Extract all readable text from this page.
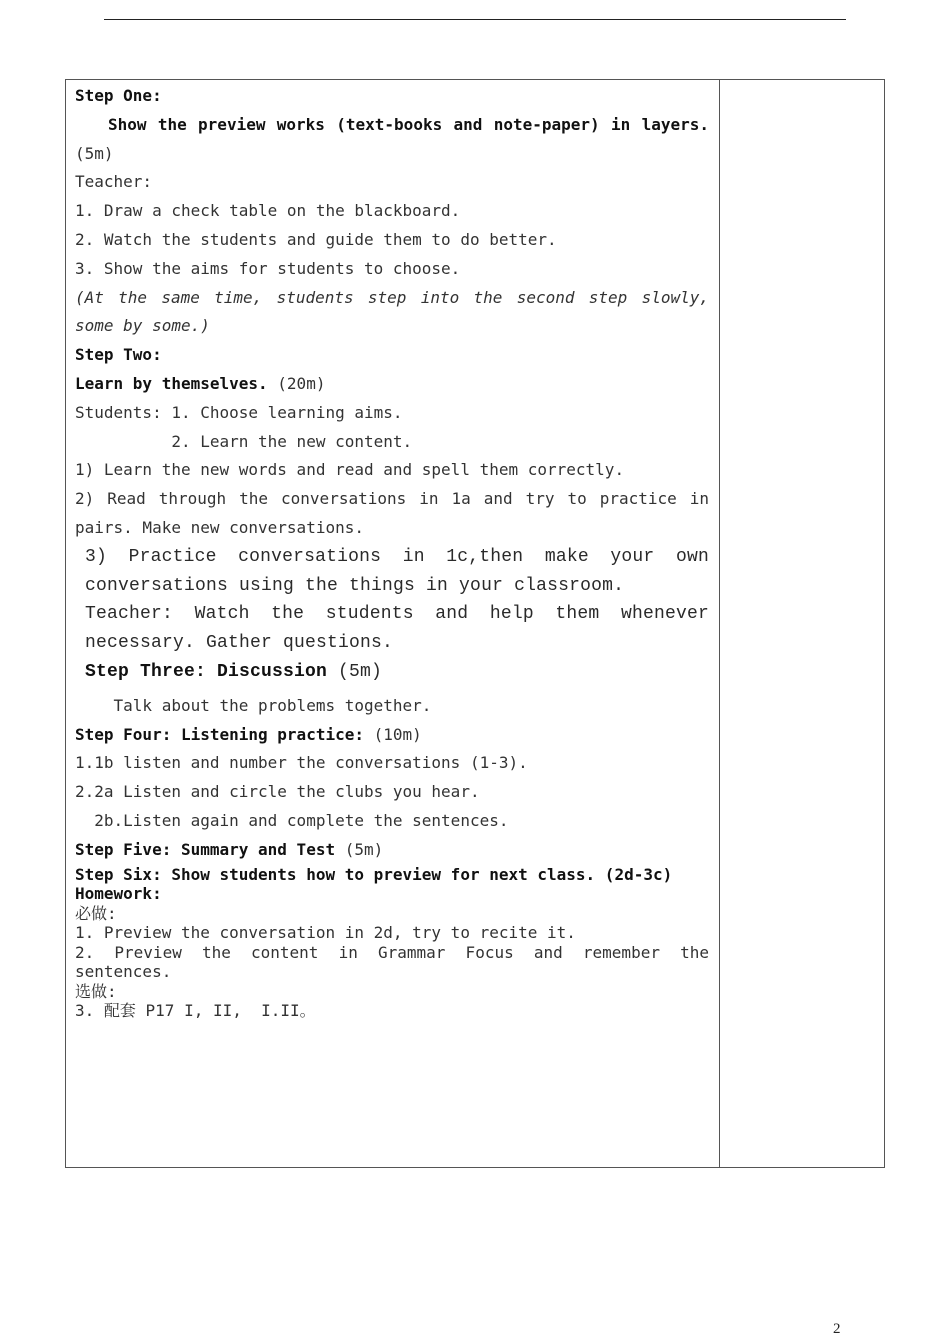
Step One:
Show the preview works (text-books and note-paper) in layers.
(5m)
Teacher:
1. Draw a check table on the blackboard.
2. Watch the students and guide them to do better.
3. Show the aims for students to choose.
(At the same time, students step into the second step slowly,
some by some.)
Step Two:
Learn by themselves. (20m)
Students: 1. Choose learning aims.
2. Learn the new content.
1) Learn the new words and read and spell them correctly.
2) Read through the conversations in 1a and try to practice in
pairs. Make new conversations.
3) Practice conversations in 1c,then make your own
conversations using the things in your classroom.
Teacher: Watch the students and help them whenever
necessary. Gather questions.
Step Three: Discussion (5m)
Talk about the problems together.
Step Four: Listening practice: (10m)
1.1b listen and number the conversations (1-3).
2.2a Listen and circle the clubs you hear.
2b.Listen again and complete the sentences.
Step Five: Summary and Test (5m)
Step Six: Show students how to preview for next class. (2d-3c)
Homework:
必做:
1. Preview the conversation in 2d, try to recite it.
2. Preview the content in Grammar Focus and remember the
sentences.
选做:
3. 配套 P17 I, II,  I.II。
2
